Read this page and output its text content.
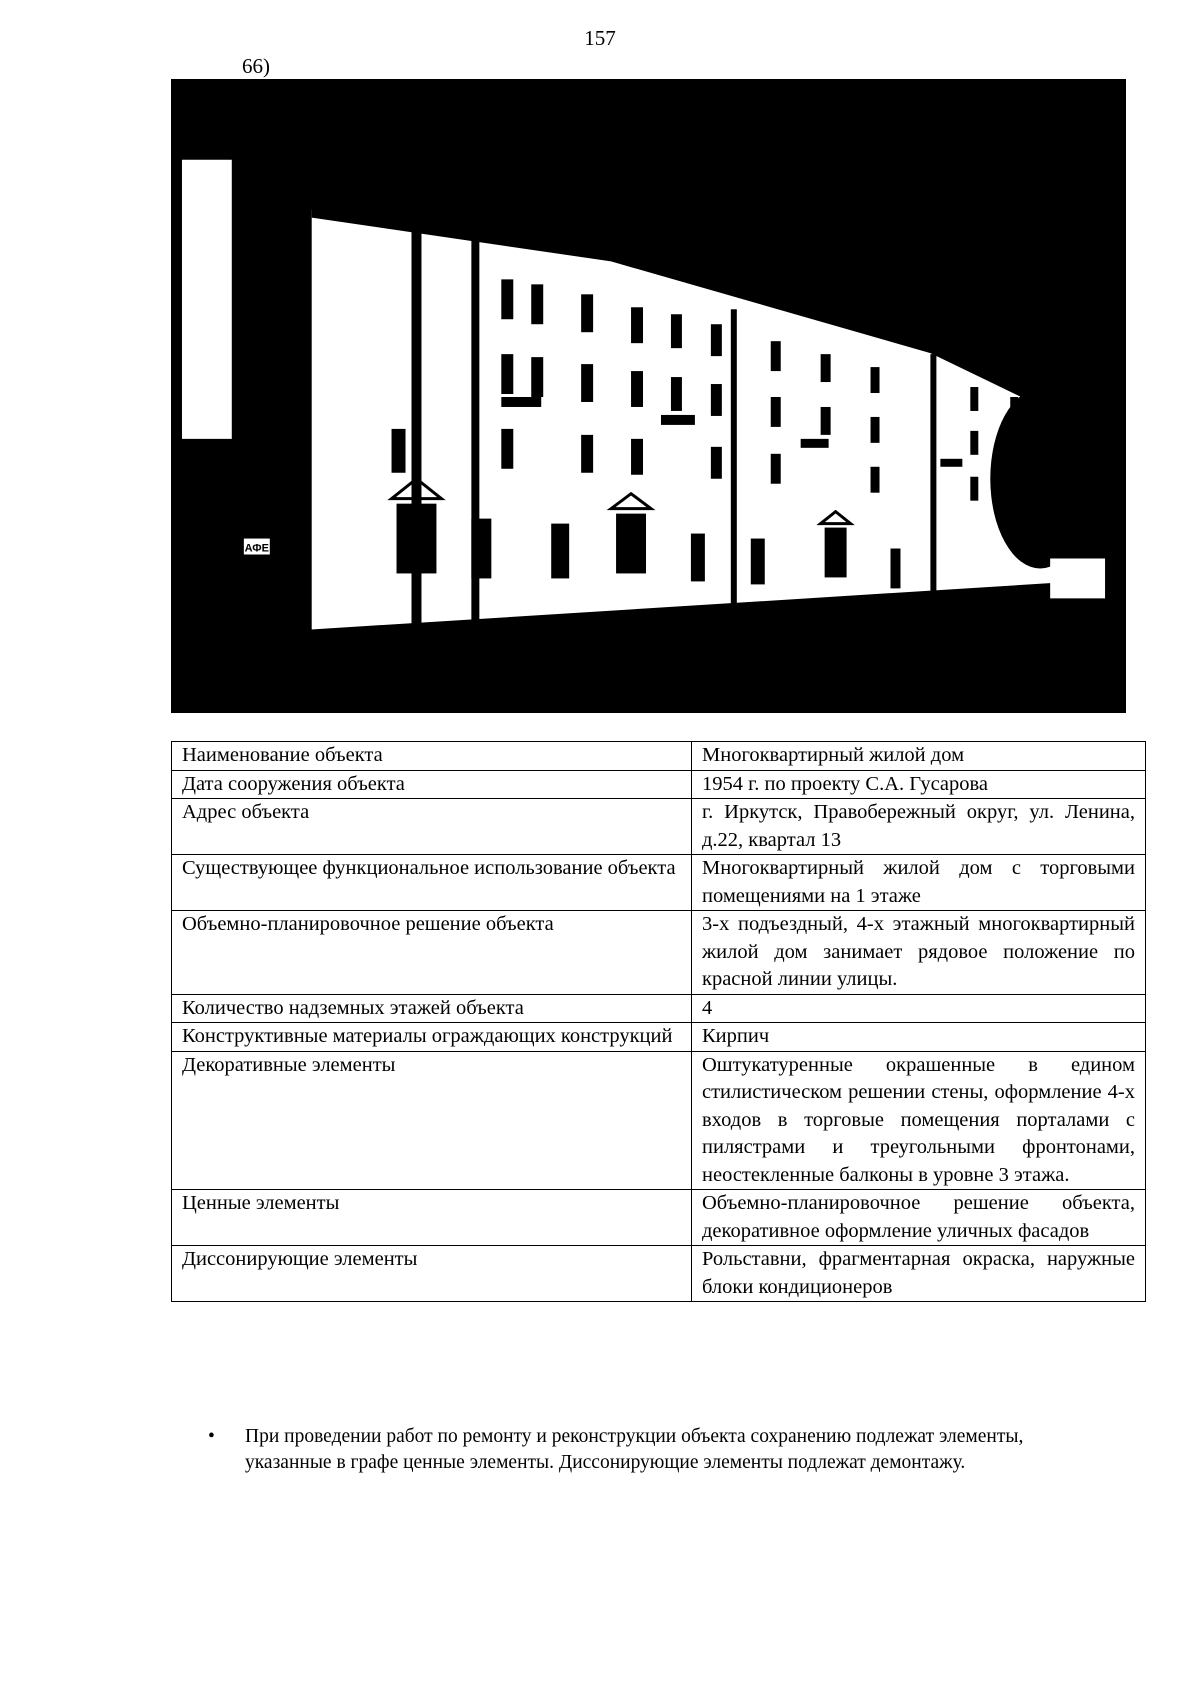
157
66)
АФЕ
Наименование объекта	Многоквартирный жилой дом
Дата сооружения объекта	1954 г. по проекту С.А. Гусарова
Адрес объекта	г. Иркутск, Правобережный округ, ул. Ленина, д.22, квартал 13
Существующее функциональное использование объекта	Многоквартирный жилой дом с торговыми помещениями на 1 этаже
Объемно-планировочное решение объекта	3-х подъездный, 4-х этажный многоквартирный жилой дом занимает рядовое положение по красной линии улицы.
Количество надземных этажей объекта	4
Конструктивные материалы ограждающих конструкций	Кирпич
Декоративные элементы	Оштукатуренные окрашенные в едином стилистическом решении стены, оформление 4-х входов в торговые помещения порталами с пилястрами и треугольными фронтонами, неостекленные балконы в уровне 3 этажа.
Ценные элементы	Объемно-планировочное решение объекта, декоративное оформление уличных фасадов
Диссонирующие элементы	Рольставни, фрагментарная окраска, наружные блоки кондиционеров
• При проведении работ по ремонту и реконструкции объекта сохранению подлежат элементы, указанные в графе ценные элементы. Диссонирующие элементы подлежат демонтажу.
